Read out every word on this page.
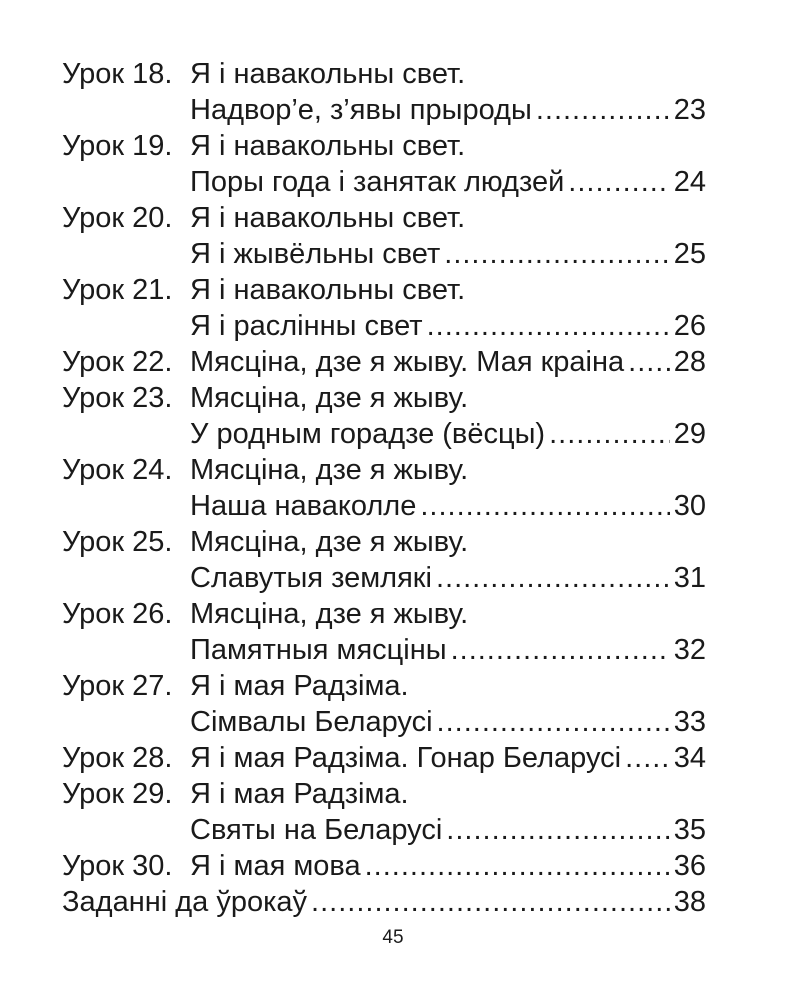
Урок 18. Я і навакольны свет.
Надвор’е, з’явы прыроды .....	23
Урок 19. Я і навакольны свет.
Поры года і занятак людзей .....	24
Урок 20. Я і навакольны свет.
Я і жывёльны свет .....	25
Урок 21. Я і навакольны свет.
Я і раслінны свет .....	26
Урок 22. Мясціна, дзе я жыву. Мая краіна ..... 28
Урок 23. Мясціна, дзе я жыву.
У родным горадзе (вёсцы) .....	29
Урок 24. Мясціна, дзе я жыву.
Наша наваколле .....	30
Урок 25. Мясціна, дзе я жыву.
Славутыя землякі .....	31
Урок 26. Мясціна, дзе я жыву.
Памятныя мясціны .....	32
Урок 27. Я і мая Радзіма.
Сімвалы Беларусі .....	33
Урок 28. Я і мая Радзіма. Гонар Беларусі ..... 34
Урок 29. Я і мая Радзіма.
Святы на Беларусі .....	35
Урок 30. Я і мая мова .....	36
Заданні да ўрокаў .....	38
45
